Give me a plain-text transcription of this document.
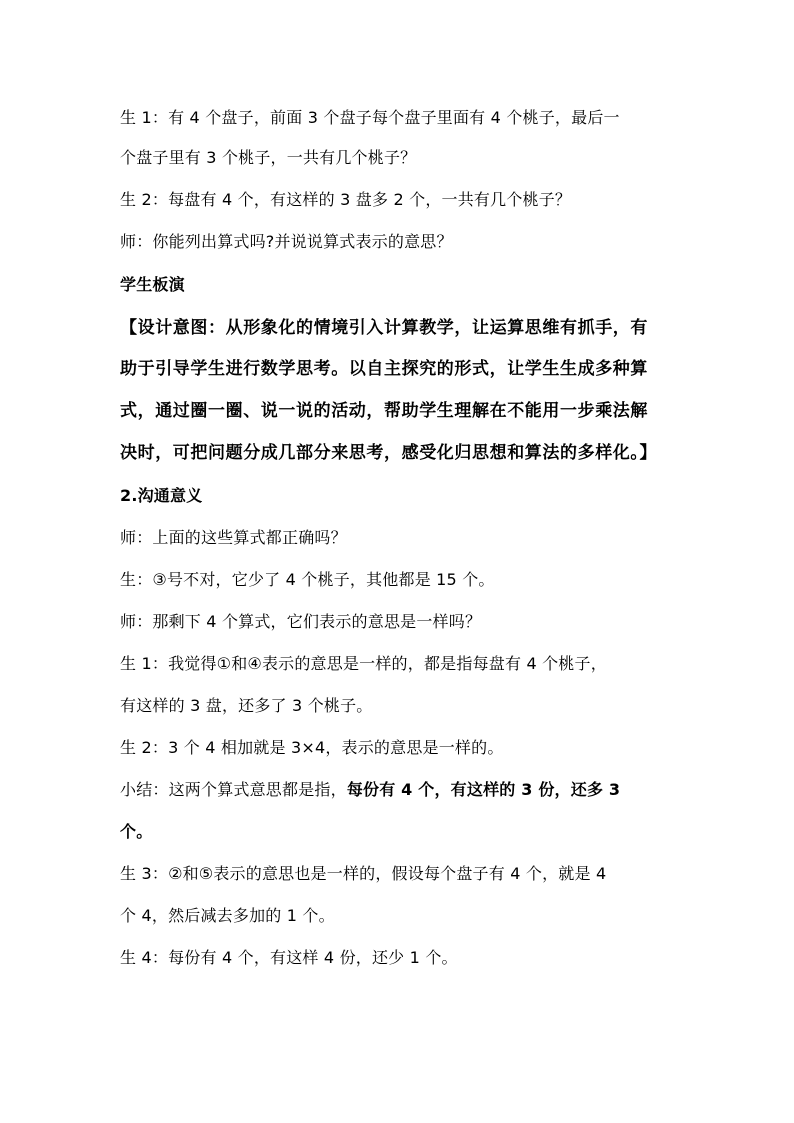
生 1：有 4 个盘子，前面 3 个盘子每个盘子里面有 4 个桃子，最后一
个盘子里有 3 个桃子，一共有几个桃子？
生 2：每盘有 4 个，有这样的 3 盘多 2 个，一共有几个桃子？
师：你能列出算式吗?并说说算式表示的意思？
学生板演
【设计意图：从形象化的情境引入计算教学，让运算思维有抓手，有
助于引导学生进行数学思考。以自主探究的形式，让学生生成多种算
式，通过圈一圈、说一说的活动，帮助学生理解在不能用一步乘法解
决时，可把问题分成几部分来思考，感受化归思想和算法的多样化。】
2.沟通意义
师：上面的这些算式都正确吗？
生：③号不对，它少了 4 个桃子，其他都是 15 个。
师：那剩下 4 个算式，它们表示的意思是一样吗？
生 1：我觉得①和④表示的意思是一样的，都是指每盘有 4 个桃子，
有这样的 3 盘，还多了 3 个桃子。
生 2：3 个 4 相加就是 3×4，表示的意思是一样的。
小结：这两个算式意思都是指，每份有 4 个，有这样的 3 份，还多 3
个。
生 3：②和⑤表示的意思也是一样的，假设每个盘子有 4 个，就是 4
个 4，然后减去多加的 1 个。
生 4：每份有 4 个，有这样 4 份，还少 1 个。
